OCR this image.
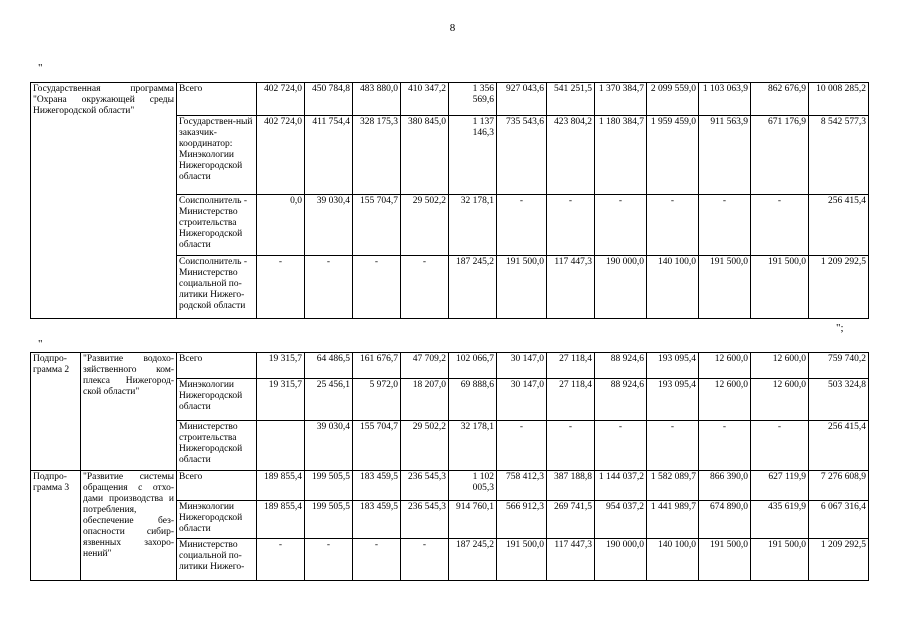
8
"
Государственная программа "Охрана окружающей среды Нижегородской области"	Всего	402 724,0	450 784,8	483 880,0	410 347,2	1 356 569,6	927 043,6	541 251,5	1 370 384,7	2 099 559,0	1 103 063,9	862 676,9	10 008 285,2
	Государствен-ный заказчик-координатор: Минэкологии Нижегородской области	402 724,0	411 754,4	328 175,3	380 845,0	1 137 146,3	735 543,6	423 804,2	1 180 384,7	1 959 459,0	911 563,9	671 176,9	8 542 577,3
	Соисполнитель - Министерство строительства Нижегородской области	0,0	39 030,4	155 704,7	29 502,2	32 178,1	-	-	-	-	-	-	256 415,4
	Соисполнитель - Министерство социальной по-литики Нижего-родской области	-	-	-	-	187 245,2	191 500,0	117 447,3	190 000,0	140 100,0	191 500,0	191 500,0	1 209 292,5
";
"
Подпро-грамма 2	"Развитие водохо-зяйственного ком-плекса Нижегород-ской области"	Всего	19 315,7	64 486,5	161 676,7	47 709,2	102 066,7	30 147,0	27 118,4	88 924,6	193 095,4	12 600,0	12 600,0	759 740,2
		Минэкологии Нижегородской области	19 315,7	25 456,1	5 972,0	18 207,0	69 888,6	30 147,0	27 118,4	88 924,6	193 095,4	12 600,0	12 600,0	503 324,8
		Министерство строительства Нижегородской области		39 030,4	155 704,7	29 502,2	32 178,1	-	-	-	-	-	-	256 415,4
Подпро-грамма 3	"Развитие системы обращения с отхо-дами производства и потребления, обеспечение без-опасности сибир-язвенных захоро-нений"	Всего	189 855,4	199 505,5	183 459,5	236 545,3	1 102 005,3	758 412,3	387 188,8	1 144 037,2	1 582 089,7	866 390,0	627 119,9	7 276 608,9
		Минэкологии Нижегородской области	189 855,4	199 505,5	183 459,5	236 545,3	914 760,1	566 912,3	269 741,5	954 037,2	1 441 989,7	674 890,0	435 619,9	6 067 316,4
		Министерство социальной по-литики Нижего-	-	-	-	-	187 245,2	191 500,0	117 447,3	190 000,0	140 100,0	191 500,0	191 500,0	1 209 292,5
